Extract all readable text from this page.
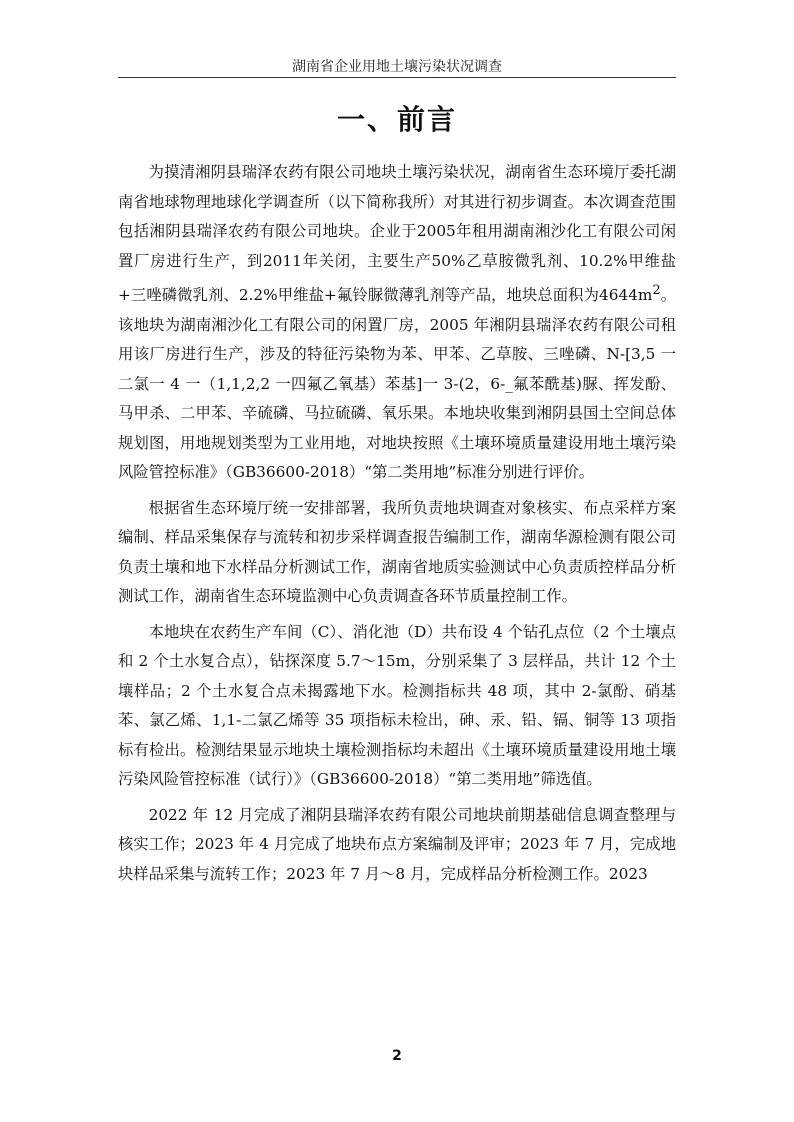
湖南省企业用地土壤污染状况调查
一、前言

为摸清湘阴县瑞泽农药有限公司地块土壤污染状况，湖南省生态环境厅委托湖南省地球物理地球化学调查所（以下简称我所）对其进行初步调查。本次调查范围包括湘阴县瑞泽农药有限公司地块。企业于2005年租用湖南湘沙化工有限公司闲置厂房进行生产，到2011年关闭，主要生产50%乙草胺微乳剂、10.2%甲维盐+三唑磷微乳剂、2.2%甲维盐+氟铃脲微薄乳剂等产品，地块总面积为$4644m^2$。该地块为湖南湘沙化工有限公司的闲置厂房，2005 年湘阴县瑞泽农药有限公司租用该厂房进行生产，涉及的特征污染物为苯、甲苯、乙草胺、三唑磷、N-[3,5 一二氯一 4 一（1,1,2,2 一四氟乙氧基）苯基]一 3-(2，6-_氟苯酰基)脲、挥发酚、马甲杀、二甲苯、辛硫磷、马拉硫磷、氧乐果。本地块收集到湘阴县国土空间总体规划图，用地规划类型为工业用地，对地块按照《土壤环境质量建设用地土壤污染风险管控标准》（GB36600-2018）“第二类用地”标准分别进行评价。

根据省生态环境厅统一安排部署，我所负责地块调查对象核实、布点采样方案编制、样品采集保存与流转和初步采样调查报告编制工作，湖南华源检测有限公司负责土壤和地下水样品分析测试工作，湖南省地质实验测试中心负责质控样品分析测试工作，湖南省生态环境监测中心负责调查各环节质量控制工作。

本地块在农药生产车间（C）、消化池（D）共布设 4 个钻孔点位（2 个土壤点和 2 个土水复合点），钻探深度 5.7～15m，分别采集了 3 层样品，共计 12 个土壤样品；2 个土水复合点未揭露地下水。检测指标共 48 项，其中 2-氯酚、硝基苯、氯乙烯、1,1-二氯乙烯等 35 项指标未检出，砷、汞、铅、镉、铜等 13 项指标有检出。检测结果显示地块土壤检测指标均未超出《土壤环境质量建设用地土壤污染风险管控标准（试行）》（GB36600-2018）“第二类用地”筛选值。

2022 年 12 月完成了湘阴县瑞泽农药有限公司地块前期基础信息调查整理与核实工作；2023 年 4 月完成了地块布点方案编制及评审；2023 年 7 月，完成地块样品采集与流转工作；2023 年 7 月～8 月，完成样品分析检测工作。2023

2
